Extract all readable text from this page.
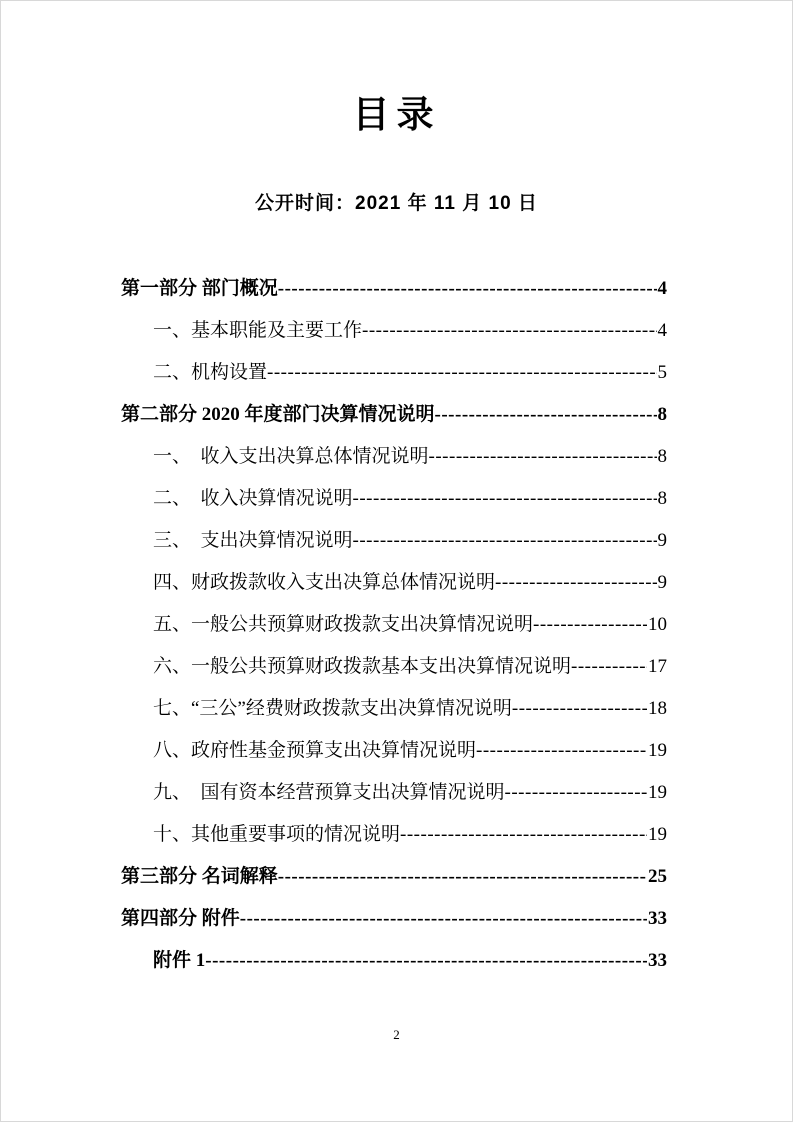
目录
公开时间：2021 年 11 月 10 日
第一部分 部门概况 -----	4
一、基本职能及主要工作 -----	4
二、机构设置 -----	5
第二部分 2020 年度部门决算情况说明 -----	8
一、　收入支出决算总体情况说明 -----	8
二、　收入决算情况说明 -----	8
三、　支出决算情况说明 -----	9
四、财政拨款收入支出决算总体情况说明 -----	9
五、一般公共预算财政拨款支出决算情况说明 -----	10
六、一般公共预算财政拨款基本支出决算情况说明 -----	17
七、“三公”经费财政拨款支出决算情况说明 -----	18
八、政府性基金预算支出决算情况说明 -----	19
九、　国有资本经营预算支出决算情况说明 -----	19
十、其他重要事项的情况说明 -----	19
第三部分 名词解释 -----	25
第四部分 附件 -----	33
附件 1 -----	33
2
